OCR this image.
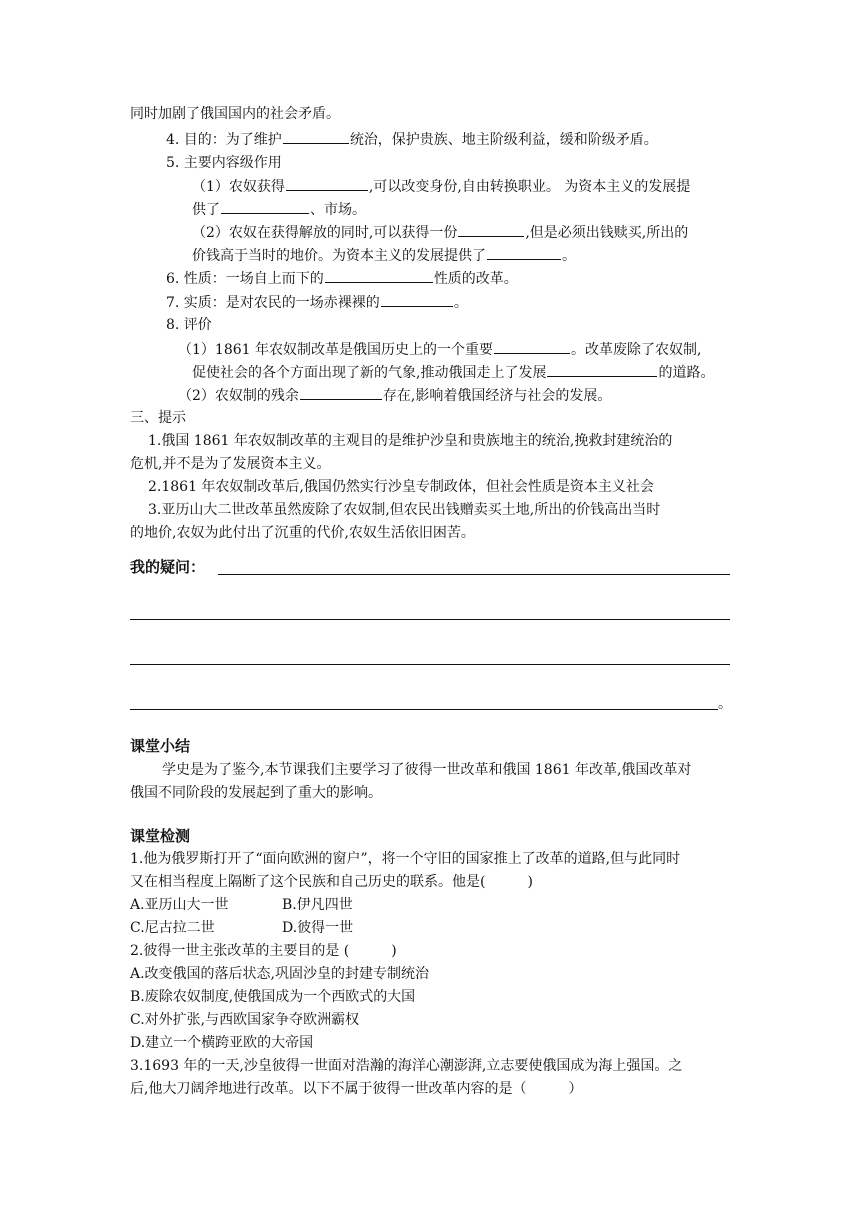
同时加剧了俄国国内的社会矛盾。
4. 目的：为了维护	统治，保护贵族、地主阶级利益，缓和阶级矛盾。
5. 主要内容级作用
（1）农奴获得	,可以改变身份,自由转换职业。 为资本主义的发展提
供了	、市场。
（2）农奴在获得解放的同时,可以获得一份	,但是必须出钱赎买,所出的
价钱高于当时的地价。为资本主义的发展提供了	。
6. 性质：一场自上而下的	性质的改革。
7. 实质：是对农民的一场赤裸裸的	。
8. 评价
（1）1861 年农奴制改革是俄国历史上的一个重要	。改革废除了农奴制,
促使社会的各个方面出现了新的气象,推动俄国走上了发展	的道路。
（2）农奴制的残余	存在,影响着俄国经济与社会的发展。
三、提示
1.俄国 1861 年农奴制改革的主观目的是维护沙皇和贵族地主的统治,挽救封建统治的
危机,并不是为了发展资本主义。
2.1861 年农奴制改革后,俄国仍然实行沙皇专制政体，但社会性质是资本主义社会
3.亚历山大二世改革虽然废除了农奴制,但农民出钱赠卖买土地,所出的价钱高出当时
的地价,农奴为此付出了沉重的代价,农奴生活依旧困苦。
我的疑问：
。
课堂小结
学史是为了鉴今,本节课我们主要学习了彼得一世改革和俄国 1861 年改革,俄国改革对
俄国不同阶段的发展起到了重大的影响。
课堂检测
1.他为俄罗斯打开了“面向欧洲的窗户”，将一个守旧的国家推上了改革的道路,但与此同时
又在相当程度上隔断了这个民族和自己历史的联系。他是(　　　)
A.亚历山大一世	B.伊凡四世
C.尼古拉二世	D.彼得一世
2.彼得一世主张改革的主要目的是 (　　　)
A.改变俄国的落后状态,巩固沙皇的封建专制统治
B.废除农奴制度,使俄国成为一个西欧式的大国
C.对外扩张,与西欧国家争夺欧洲霸权
D.建立一个横跨亚欧的大帝国
3.1693 年的一天,沙皇彼得一世面对浩瀚的海洋心潮澎湃,立志要使俄国成为海上强国。之
后,他大刀阔斧地进行改革。以下不属于彼得一世改革内容的是（　　　）
